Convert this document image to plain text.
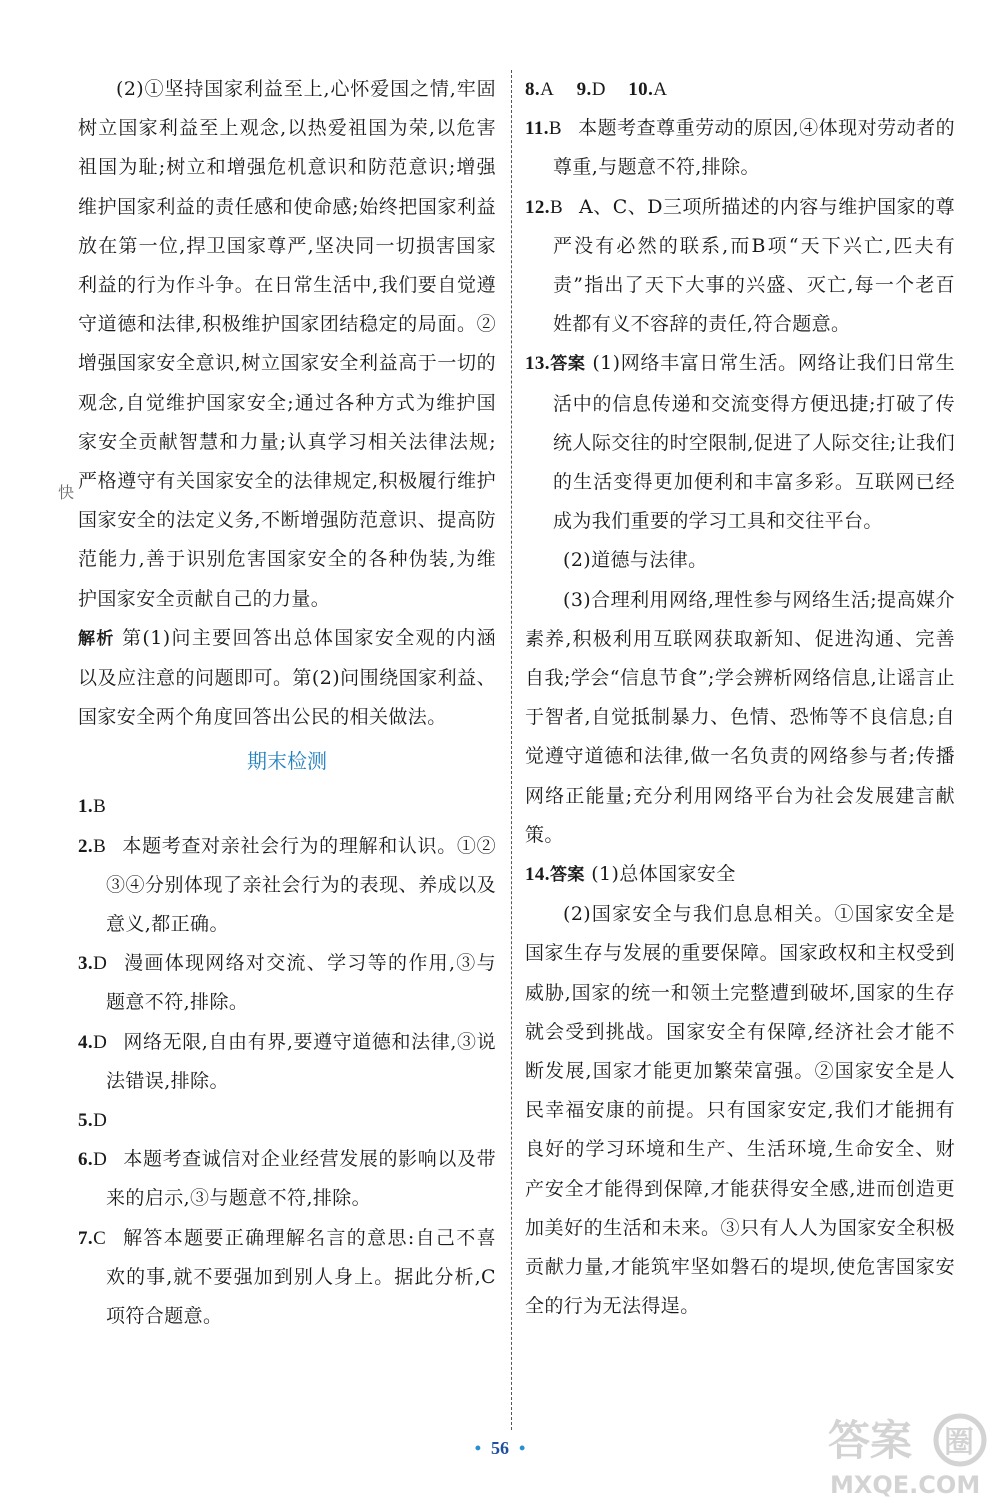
(2)①坚持国家利益至上,心怀爱国之情,牢固树立国家利益至上观念,以热爱祖国为荣,以危害祖国为耻;树立和增强危机意识和防范意识;增强维护国家利益的责任感和使命感;始终把国家利益放在第一位,捍卫国家尊严,坚决同一切损害国家利益的行为作斗争。在日常生活中,我们要自觉遵守道德和法律,积极维护国家团结稳定的局面。②增强国家安全意识,树立国家安全利益高于一切的观念,自觉维护国家安全;通过各种方式为维护国家安全贡献智慧和力量;认真学习相关法律法规;严格遵守有关国家安全的法律规定,积极履行维护国家安全的法定义务,不断增强防范意识、提高防范能力,善于识别危害国家安全的各种伪装,为维护国家安全贡献自己的力量。

解析 第(1)问主要回答出总体国家安全观的内涵以及应注意的问题即可。第(2)问围绕国家利益、国家安全两个角度回答出公民的相关做法。

期末检测

1.B

2.B 本题考查对亲社会行为的理解和认识。①②③④分别体现了亲社会行为的表现、养成以及意义,都正确。

3.D 漫画体现网络对交流、学习等的作用,③与题意不符,排除。

4.D 网络无限,自由有界,要遵守道德和法律,③说法错误,排除。

5.D

6.D 本题考查诚信对企业经营发展的影响以及带来的启示,③与题意不符,排除。

7.C 解答本题要正确理解名言的意思:自己不喜欢的事,就不要强加到别人身上。据此分析,C项符合题意。

快

8.A 9.D 10.A

11.B 本题考查尊重劳动的原因,④体现对劳动者的尊重,与题意不符,排除。

12.B A、C、D三项所描述的内容与维护国家的尊严没有必然的联系,而B项“天下兴亡,匹夫有责”指出了天下大事的兴盛、灭亡,每一个老百姓都有义不容辞的责任,符合题意。

13.答案 (1)网络丰富日常生活。网络让我们日常生活中的信息传递和交流变得方便迅捷;打破了传统人际交往的时空限制,促进了人际交往;让我们的生活变得更加便利和丰富多彩。互联网已经成为我们重要的学习工具和交往平台。

(2)道德与法律。

(3)合理利用网络,理性参与网络生活;提高媒介素养,积极利用互联网获取新知、促进沟通、完善自我;学会“信息节食”;学会辨析网络信息,让谣言止于智者,自觉抵制暴力、色情、恐怖等不良信息;自觉遵守道德和法律,做一名负责的网络参与者;传播网络正能量;充分利用网络平台为社会发展建言献策。

14.答案 (1)总体国家安全

(2)国家安全与我们息息相关。①国家安全是国家生存与发展的重要保障。国家政权和主权受到威胁,国家的统一和领土完整遭到破坏,国家的生存就会受到挑战。国家安全有保障,经济社会才能不断发展,国家才能更加繁荣富强。②国家安全是人民幸福安康的前提。只有国家安定,我们才能拥有良好的学习环境和生产、生活环境,生命安全、财产安全才能得到保障,才能获得安全感,进而创造更加美好的生活和未来。③只有人人为国家安全积极贡献力量,才能筑牢坚如磐石的堤坝,使危害国家安全的行为无法得逞。

• 56 •	答案 圈
MXQE.COM
